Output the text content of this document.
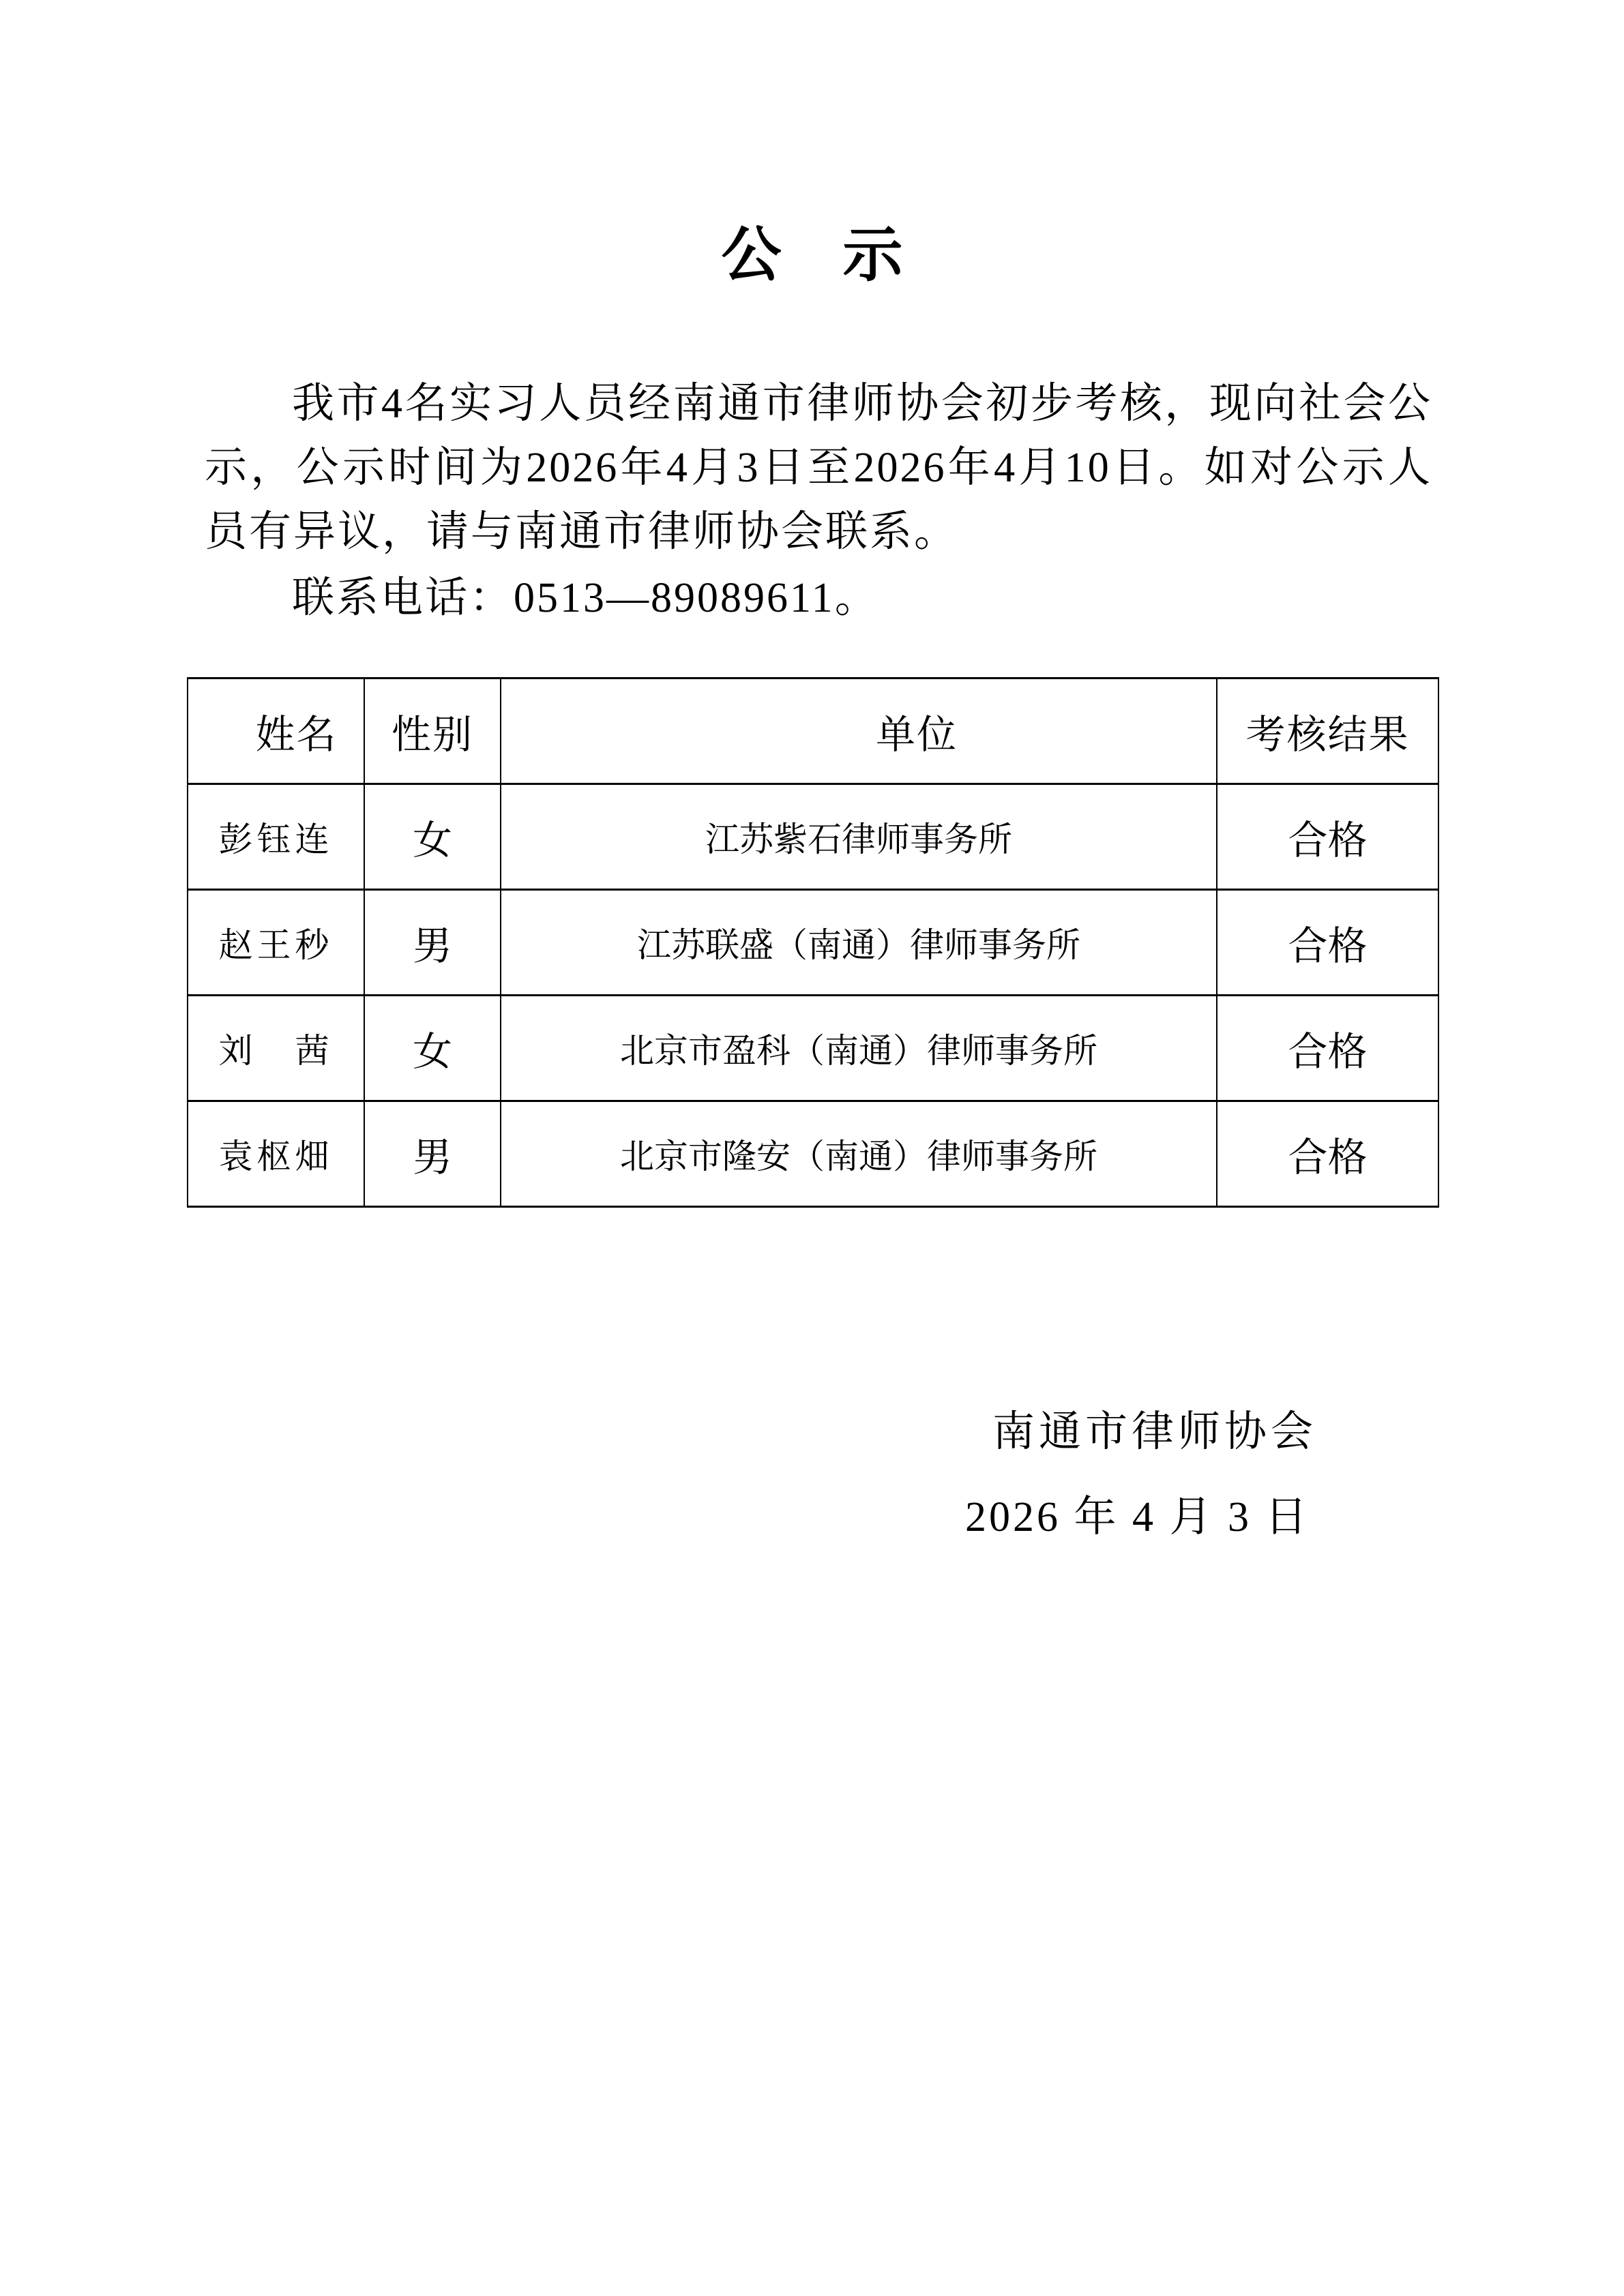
公示
我市4名实习人员经南通市律师协会初步考核，现向社会公示，公示时间为2026年4月3日至2026年4月10日。如对公示人员有异议，请与南通市律师协会联系。
联系电话：0513—89089611。
姓名	性别	单位	考核结果
彭钰连	女	江苏紫石律师事务所	合格
赵王秒	男	江苏联盛（南通）律师事务所	合格
刘　茜	女	北京市盈科（南通）律师事务所	合格
袁枢畑	男	北京市隆安（南通）律师事务所	合格
南通市律师协会
2026 年 4 月 3 日
